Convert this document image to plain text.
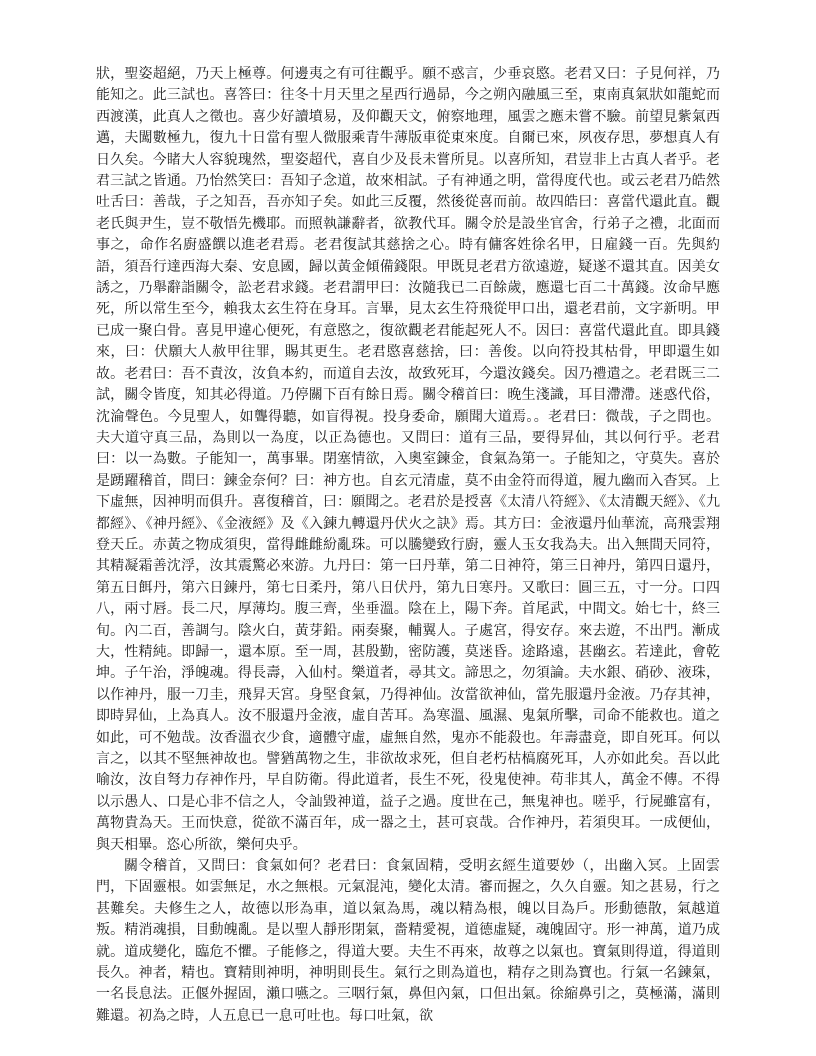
狀，聖姿超絕，乃天上極尊。何邊夷之有可往觀乎。願不惑言，少垂哀愍。老君又曰：子見何祥，乃能知之。此三試也。喜答曰：往冬十月天里之星西行過昴，今之朔內融風三至，東南真氣狀如龍蛇而西渡漢，此真人之徵也。喜少好讀墳易，及仰觀天文，俯察地理，風雲之應未嘗不驗。前望見紫氣西邁，夫闖數極九，復九十日當有聖人微服乘青牛薄版車從東來度。自爾已來，夙夜存思，夢想真人有日久矣。今睹大人容貌瑰然，聖姿超代，喜自少及長未嘗所見。以喜所知，君豈非上古真人者乎。老君三試之皆通。乃怡然笑曰：吾知子念道，故來相試。子有神通之明，當得度代也。或云老君乃皓然吐舌曰：善哉，子之知吾，吾亦知子矣。如此三反覆，然後從喜而前。故四皓曰：喜當代還此直。觀老氏與尹生，豈不敬悟先機耶。而照執謙辭者，欲教代耳。關令於是設坐官舍，行弟子之禮，北面而事之，命作名廚盛饌以進老君焉。老君復試其慈捨之心。時有傭客姓徐名甲，日雇錢一百。先與約語，須吾行達西海大秦、安息國，歸以黃金傾備錢限。甲既見老君方欲遠遊，疑遂不還其直。因美女誘之，乃舉辭詣關令，訟老君求錢。老君謂甲曰：汝隨我已二百餘歲，應還七百二十萬錢。汝命早應死，所以常生至今，賴我太玄生符在身耳。言畢，見太玄生符飛從甲口出，還老君前，文字新明。甲已成一聚白骨。喜見甲違心便死，有意愍之，復欲觀老君能起死人不。因曰：喜當代還此直。即具錢來，曰：伏願大人赦甲往罪，賜其更生。老君愍喜慈捨，曰：善俊。以向符投其枯骨，甲即還生如故。老君曰：吾不責汝，汝負本約，而道自去汝，故致死耳，今還汝錢矣。因乃禮遣之。老君既三二試，關令皆度，知其必得道。乃停關下百有餘日焉。關令稽首曰：晚生淺識，耳目滯滯。迷惑代俗，沈淪聲色。今見聖人，如聾得聽，如盲得視。投身委命，願聞大道焉。。老君曰：微哉，子之問也。夫大道守真三品，為則以一為度，以正為德也。又問曰：道有三品，要得昇仙，其以何行乎。老君曰：以一為數。子能知一，萬事畢。閉塞情欲，入奧室鍊金，食氣為第一。子能知之，守莫失。喜於是踴躍稽首，問曰：鍊金奈何？曰：神方也。自玄元清虛，莫不由金符而得道，履九幽而入杳冥。上下虛無，因神明而俱升。喜復稽首，曰：願聞之。老君於是授喜《太清八符經》、《太清觀天經》、《九都經》、《神丹經》、《金液經》及《入鍊九轉還丹伏火之訣》焉。其方曰：金液還丹仙華流，高飛雲翔登天丘。赤黃之物成須臾，當得雌雌紛亂珠。可以騰變致行廚，靈人玉女我為夫。出入無間天同符，其精凝霜善沈浮，汝其震驚必來游。九丹曰：第一曰丹華，第二日神符，第三日神丹，第四日還丹，第五日餌丹，第六日鍊丹，第七日柔丹，第八日伏丹，第九日寒丹。又歌曰：圓三五，寸一分。口四八，兩寸唇。長二尺，厚薄均。腹三齊，坐垂溫。陰在上，陽下奔。首尾武，中間文。始七十，終三旬。內二百，善調勻。陰火白，黃芽鉛。兩奏聚，輔翼人。子處宮，得安存。來去遊，不出門。漸成大，性精純。即歸一，還本原。至一周，甚殷勤，密防護，莫迷昏。途路遠，甚幽玄。若達此，會乾坤。子午治，淨魄魂。得長壽，入仙村。樂道者，尋其文。諦思之，勿須論。夫水銀、硝砂、液珠，以作神丹，服一刀圭，飛昇天宮。身堅食氣，乃得神仙。汝當欲神仙，當先服還丹金液。乃存其神，即時昇仙，上為真人。汝不服還丹金液，虛自苦耳。為寒溫、風濕、鬼氣所擊，司命不能救也。道之如此，可不勉哉。汝香溫衣少食，適體守虛，虛無自然，鬼亦不能殺也。年壽盡竟，即自死耳。何以言之，以其不堅無神故也。譬猶萬物之生，非欲故求死，但自老朽枯槁腐死耳，人亦如此矣。吾以此喻汝，汝自弩力存神作丹，早自防衛。得此道者，長生不死，役鬼使神。苟非其人，萬金不傳。不得以示愚人、口是心非不信之人，令訕毀神道，益子之過。度世在己，無鬼神也。嗟乎，行屍雖富有，萬物貴為天。王而快意，從欲不滿百年，成一器之土，甚可哀哉。合作神丹，若須臾耳。一成便仙，與天相畢。恣心所欲，樂何央乎。

關令稽首，又問曰：食氣如何？老君曰：食氣固精，受明玄經生道要妙（，出幽入冥。上固雲門，下固靈根。如雲無足，水之無根。元氣混沌，變化太清。審而握之，久久自靈。知之甚易，行之甚難矣。夫修生之人，故德以形為車，道以氣為馬，魂以精為根，魄以目為戶。形動德散，氣越道叛。精消魂損，目動魄亂。是以聖人靜形閉氣，嗇精愛視，道德虛疑，魂魄固守。形一神萬，道乃成就。道成變化，臨危不懼。子能修之，得道大要。夫生不再來，故尊之以氣也。寶氣則得道，得道則長久。神者，精也。寶精則神明，神明則長生。氣行之則為道也，精存之則為寶也。行氣一名鍊氣，一名長息法。正偃外握固，瀨口嚥之。三咽行氣，鼻但內氣，口但出氣。徐縮鼻引之，莫極滿，滿則難還。初為之時，人五息已一息可吐也。每口吐氣，欲
